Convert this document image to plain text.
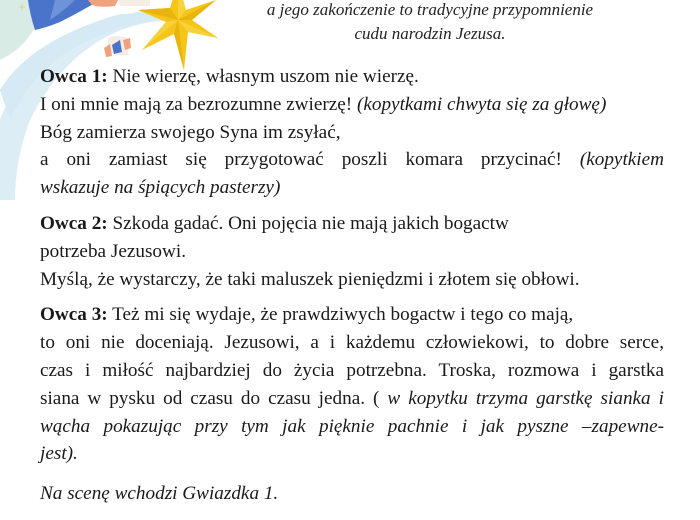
a jego zakończenie to tradycyjne przypomnienie
cudu narodzin Jezusa.
Owca 1: Nie wierzę, własnym uszom nie wierzę.
I oni mnie mają za bezrozumne zwierzę! (kopytkami chwyta się za głowę)
Bóg zamierza swojego Syna im zsyłać,
a oni zamiast się przygotować poszli komara przycinać! (kopytkiem
wskazuje na śpiących pasterzy)
Owca 2: Szkoda gadać. Oni pojęcia nie mają jakich bogactw
potrzeba Jezusowi.
Myślą, że wystarczy, że taki maluszek pieniędzmi i złotem się obłowi.
Owca 3: Też mi się wydaje, że prawdziwych bogactw i tego co mają,
to oni nie doceniają. Jezusowi, a i każdemu człowiekowi, to dobre serce,
czas i miłość najbardziej do życia potrzebna. Troska, rozmowa i garstka
siana w pysku od czasu do czasu jedna. ( w kopytku trzyma garstkę sianka i
wącha pokazując przy tym jak pięknie pachnie i jak pyszne –zapewne-
jest).
Na scenę wchodzi Gwiazdka 1.
